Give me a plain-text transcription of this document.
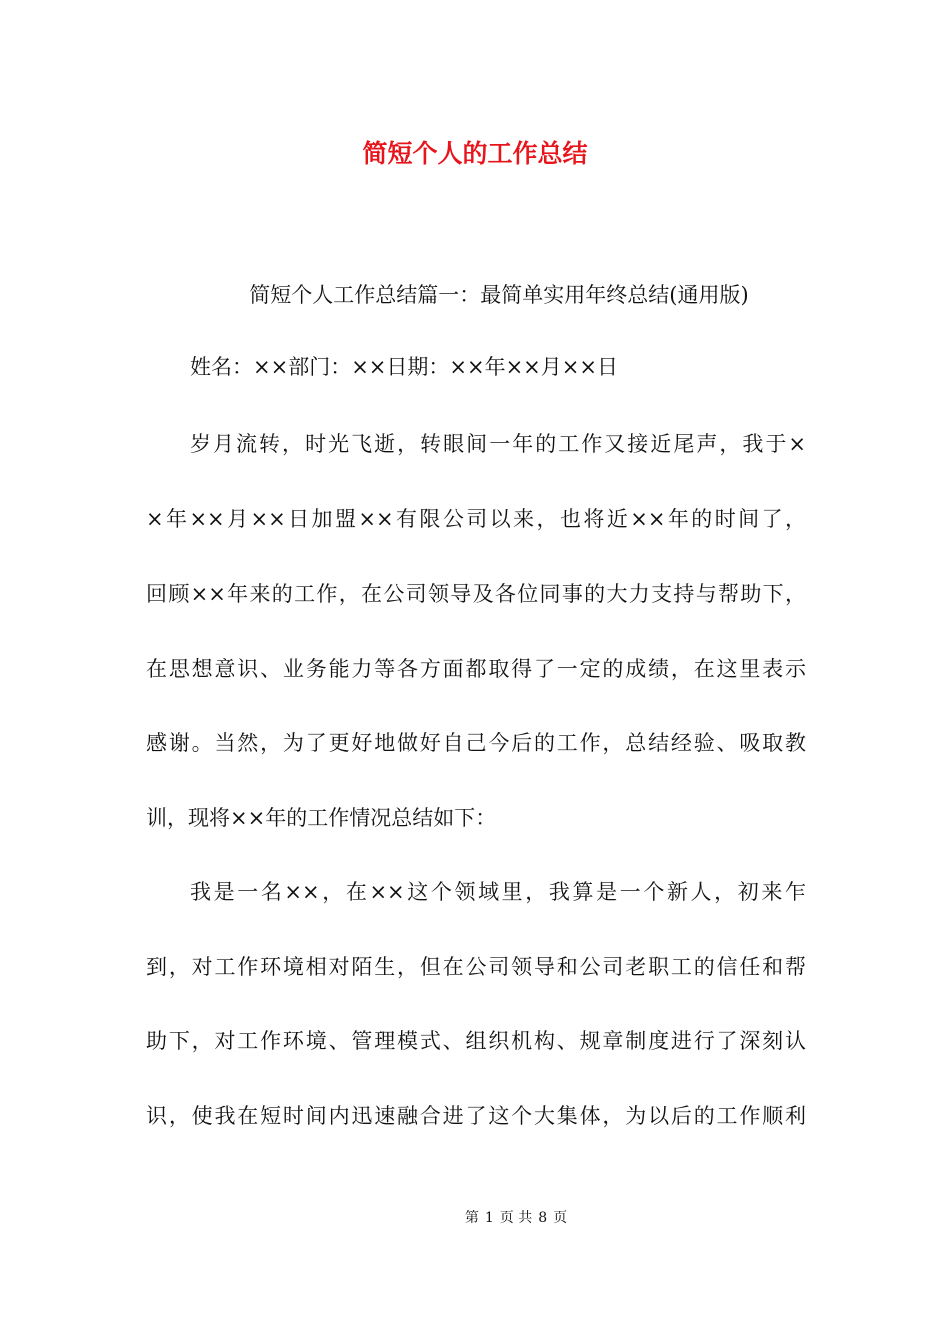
简短个人的工作总结
简短个人工作总结篇一：最简单实用年终总结(通用版)
姓名：××部门：××日期：××年××月××日
岁月流转，时光飞逝，转眼间一年的工作又接近尾声，我于×
×年××月××日加盟××有限公司以来，也将近××年的时间了，
回顾××年来的工作，在公司领导及各位同事的大力支持与帮助下，
在思想意识、业务能力等各方面都取得了一定的成绩，在这里表示
感谢。当然，为了更好地做好自己今后的工作，总结经验、吸取教
训，现将××年的工作情况总结如下：
我是一名××，在××这个领域里，我算是一个新人，初来乍
到，对工作环境相对陌生，但在公司领导和公司老职工的信任和帮
助下，对工作环境、管理模式、组织机构、规章制度进行了深刻认
识，使我在短时间内迅速融合进了这个大集体，为以后的工作顺利
第 1 页 共 8 页
